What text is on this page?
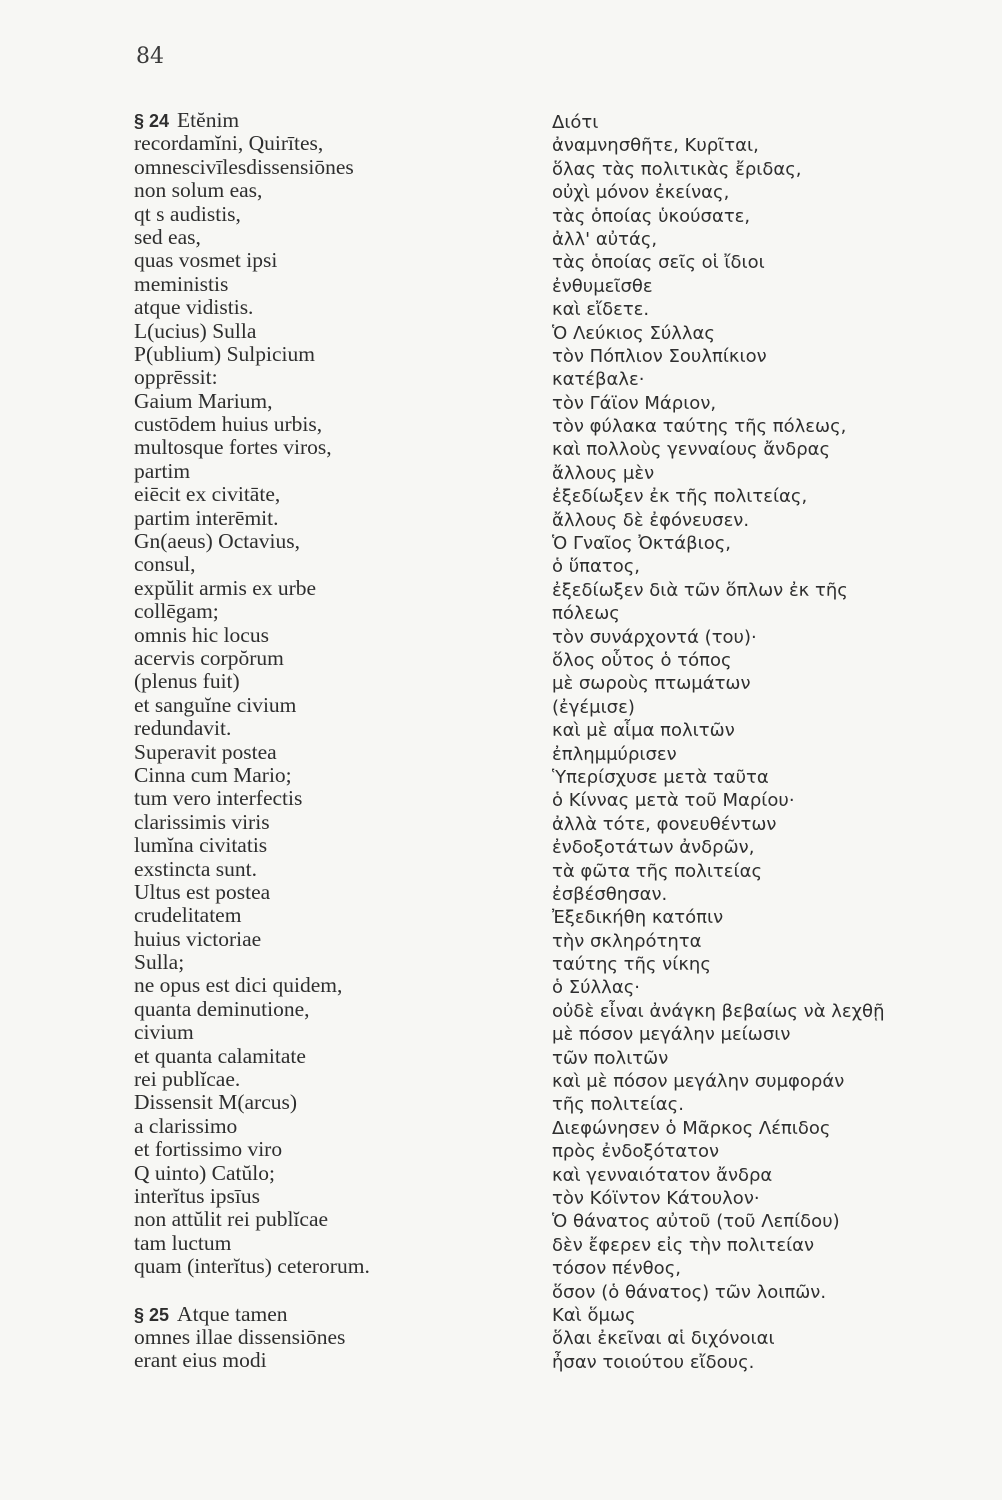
84
§ 24 Etĕnim
recordamĭni, Quirītes,
omnescivīlesdissensiōnes
non solum eas,
qt s audistis,
sed eas,
quas vosmet ipsi
meministis
atque vidistis.
L(ucius) Sulla
P(ublium) Sulpicium
opprēssit:
Gaium Marium,
custōdem huius urbis,
multosque fortes viros,
partim
eiēcit ex civitāte,
partim interēmit.
Gn(aeus) Octavius,
consul,
expŭlit armis ex urbe
collēgam;
omnis hic locus
acervis corpŏrum
(plenus fuit)
et sanguĭne civium
redundavit.
Superavit postea
Cinna cum Mario;
tum vero interfectis
clarissimis viris
lumĭna civitatis
exstincta sunt.
Ultus est postea
crudelitatem
huius victoriae
Sulla;
ne opus est dici quidem,
quanta deminutione,
civium
et quanta calamitate
rei publĭcae.
Dissensit M(arcus)
a clarissimo
et fortissimo viro
Q uinto) Catŭlo;
interĭtus ipsīus
non attŭlit rei publĭcae
tam luctum
quam (interĭtus) ceterorum.
§ 25 Atque tamen
omnes illae dissensiōnes
erant eius modi
Διότι
ἀναμνησθῆτε, Κυρῖται,
ὅλας τὰς πολιτικὰς ἔριδας,
οὐχὶ μόνον ἐκείνας,
τὰς ὁποίας ὑκούσατε,
ἀλλ' αὐτάς,
τὰς ὁποίας σεῖς οἱ ἴδιοι
ἐνθυμεῖσθε
καὶ εἴδετε.
Ὁ Λεύκιος Σύλλας
τὸν Πόπλιον Σουλπίκιον
κατέβαλε·
τὸν Γάϊον Μάριον,
τὸν φύλακα ταύτης τῆς πόλεως,
καὶ πολλοὺς γενναίους ἄνδρας
ἄλλους μὲν
ἐξεδίωξεν ἐκ τῆς πολιτείας,
ἄλλους δὲ ἐφόνευσεν.
Ὁ Γναῖος Ὀκτάβιος,
ὁ ὕπατος,
ἐξεδίωξεν διὰ τῶν ὅπλων ἐκ τῆς
πόλεως
τὸν συνάρχοντά (του)·
ὅλος οὗτος ὁ τόπος
μὲ σωροὺς πτωμάτων
(ἐγέμισε)
καὶ μὲ αἷμα πολιτῶν
ἐπλημμύρισεν
Ὑπερίσχυσε μετὰ ταῦτα
ὁ Κίννας μετὰ τοῦ Μαρίου·
ἀλλὰ τότε, φονευθέντων
ἐνδοξοτάτων ἀνδρῶν,
τὰ φῶτα τῆς πολιτείας
ἐσβέσθησαν.
Ἐξεδικήθη κατόπιν
τὴν σκληρότητα
ταύτης τῆς νίκης
ὁ Σύλλας·
οὐδὲ εἶναι ἀνάγκη βεβαίως νὰ λεχθῇ
μὲ πόσον μεγάλην μείωσιν
τῶν πολιτῶν
καὶ μὲ πόσον μεγάλην συμφοράν
τῆς πολιτείας.
Διεφώνησεν ὁ Μᾶρκος Λέπιδος
πρὸς ἐνδοξότατον
καὶ γενναιότατον ἄνδρα
τὸν Κόϊντον Κάτουλον·
Ὁ θάνατος αὐτοῦ (τοῦ Λεπίδου)
δὲν ἔφερεν εἰς τὴν πολιτείαν
τόσον πένθος,
ὅσον (ὁ θάνατος) τῶν λοιπῶν.
Καὶ ὅμως
ὅλαι ἐκεῖναι αἱ διχόνοιαι
ἦσαν τοιούτου εἴδους.
